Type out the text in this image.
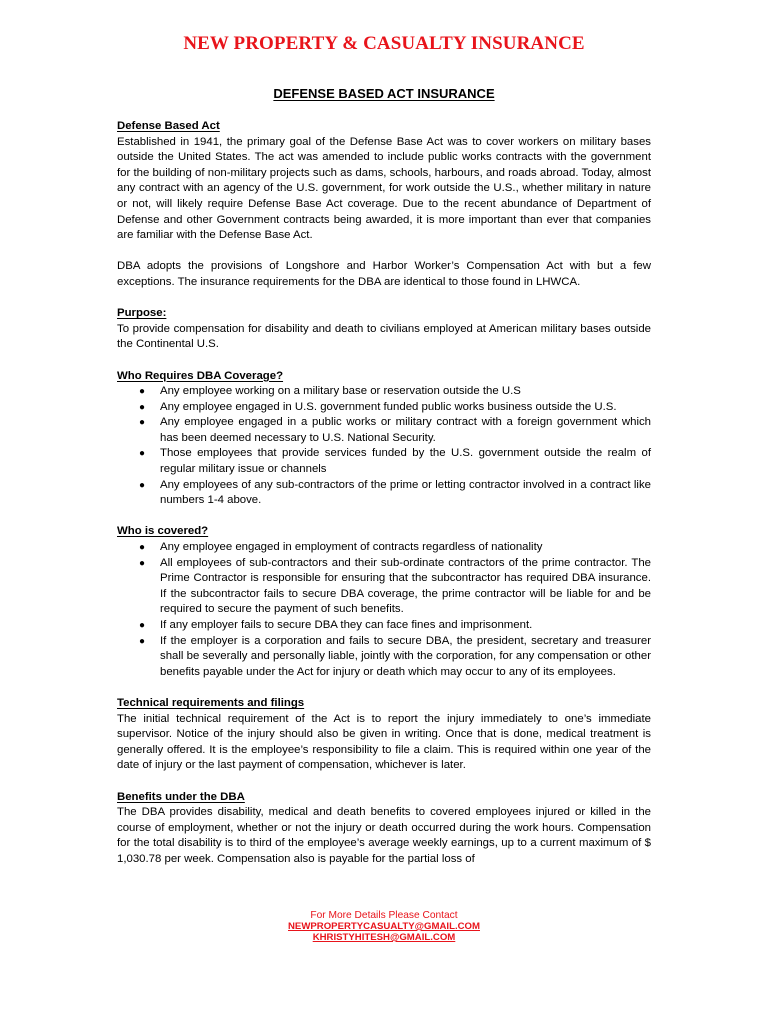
NEW PROPERTY & CASUALTY INSURANCE
DEFENSE BASED ACT INSURANCE
Defense Based Act

Established in 1941, the primary goal of the Defense Base Act was to cover workers on military bases outside the United States. The act was amended to include public works contracts with the government for the building of non-military projects such as dams, schools, harbours, and roads abroad. Today, almost any contract with an agency of the U.S. government, for work outside the U.S., whether military in nature or not, will likely require Defense Base Act coverage. Due to the recent abundance of Department of Defense and other Government contracts being awarded, it is more important than ever that companies are familiar with the Defense Base Act.

DBA adopts the provisions of Longshore and Harbor Worker’s Compensation Act with but a few exceptions. The insurance requirements for the DBA are identical to those found in LHWCA.

Purpose:

To provide compensation for disability and death to civilians employed at American military bases outside the Continental U.S.

Who Requires DBA Coverage?
● Any employee working on a military base or reservation outside the U.S
● Any employee engaged in U.S. government funded public works business outside the U.S.
● Any employee engaged in a public works or military contract with a foreign government which has been deemed necessary to U.S. National Security.
● Those employees that provide services funded by the U.S. government outside the realm of regular military issue or channels
● Any employees of any sub-contractors of the prime or letting contractor involved in a contract like numbers 1-4 above.
Who is covered?
● Any employee engaged in employment of contracts regardless of nationality
● All employees of sub-contractors and their sub-ordinate contractors of the prime contractor. The Prime Contractor is responsible for ensuring that the subcontractor has required DBA insurance. If the subcontractor fails to secure DBA coverage, the prime contractor will be liable for and be required to secure the payment of such benefits.
● If any employer fails to secure DBA they can face fines and imprisonment.
● If the employer is a corporation and fails to secure DBA, the president, secretary and treasurer shall be severally and personally liable, jointly with the corporation, for any compensation or other benefits payable under the Act for injury or death which may occur to any of its employees.
Technical requirements and filings

The initial technical requirement of the Act is to report the injury immediately to one’s immediate supervisor. Notice of the injury should also be given in writing. Once that is done, medical treatment is generally offered. It is the employee’s responsibility to file a claim. This is required within one year of the date of injury or the last payment of compensation, whichever is later.

Benefits under the DBA

The DBA provides disability, medical and death benefits to covered employees injured or killed in the course of employment, whether or not the injury or death occurred during the work hours. Compensation for the total disability is to third of the employee’s average weekly earnings, up to a current maximum of $ 1,030.78 per week. Compensation also is payable for the partial loss of

For More Details Please Contact
NEWPROPERTYCASUALTY@GMAIL.COM
KHRISTYHITESH@GMAIL.COM
